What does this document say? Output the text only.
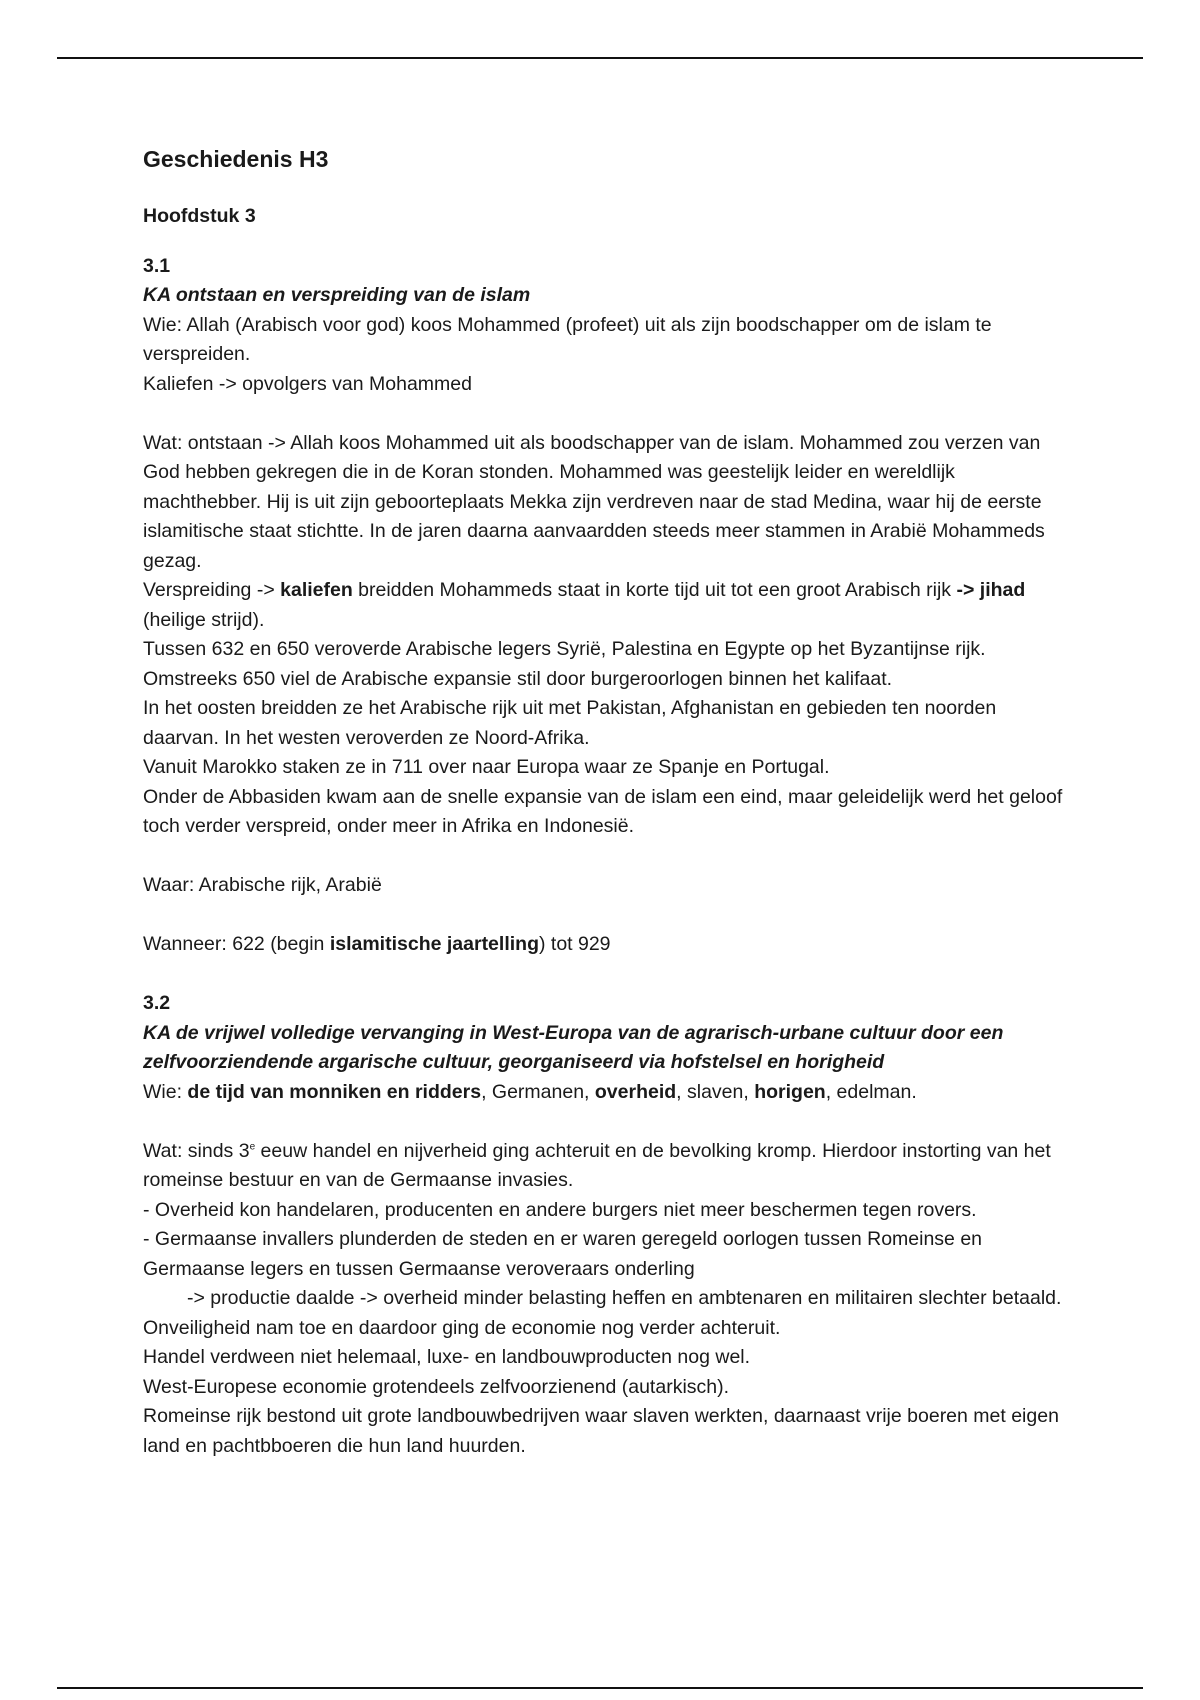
Geschiedenis H3
Hoofdstuk 3

3.1

KA ontstaan en verspreiding van de islam

Wie: Allah (Arabisch voor god) koos Mohammed (profeet) uit als zijn boodschapper om de islam te verspreiden.

Kaliefen -> opvolgers van Mohammed

Wat: ontstaan -> Allah koos Mohammed uit als boodschapper van de islam. Mohammed zou verzen van God hebben gekregen die in de Koran stonden. Mohammed was geestelijk leider en wereldlijk machthebber. Hij is uit zijn geboorteplaats Mekka zijn verdreven naar de stad Medina, waar hij de eerste islamitische staat stichtte. In de jaren daarna aanvaardden steeds meer stammen in Arabië Mohammeds gezag.

Verspreiding -> kaliefen breidden Mohammeds staat in korte tijd uit tot een groot Arabisch rijk -> jihad (heilige strijd).

Tussen 632 en 650 veroverde Arabische legers Syrië, Palestina en Egypte op het Byzantijnse rijk. Omstreeks 650 viel de Arabische expansie stil door burgeroorlogen binnen het kalifaat.

In het oosten breidden ze het Arabische rijk uit met Pakistan, Afghanistan en gebieden ten noorden daarvan. In het westen veroverden ze Noord-Afrika.

Vanuit Marokko staken ze in 711 over naar Europa waar ze Spanje en Portugal.

Onder de Abbasiden kwam aan de snelle expansie van de islam een eind, maar geleidelijk werd het geloof toch verder verspreid, onder meer in Afrika en Indonesië.

Waar: Arabische rijk, Arabië

Wanneer: 622 (begin islamitische jaartelling) tot 929

3.2

KA de vrijwel volledige vervanging in West-Europa van de agrarisch-urbane cultuur door een zelfvoorziendende argarische cultuur, georganiseerd via hofstelsel en horigheid

Wie: de tijd van monniken en ridders, Germanen, overheid, slaven, horigen, edelman.

Wat: sinds 3e eeuw handel en nijverheid ging achteruit en de bevolking kromp. Hierdoor instorting van het romeinse bestuur en van de Germaanse invasies.

- Overheid kon handelaren, producenten en andere burgers niet meer beschermen tegen rovers.

- Germaanse invallers plunderden de steden en er waren geregeld oorlogen tussen Romeinse en Germaanse legers en tussen Germaanse veroveraars onderling

-> productie daalde -> overheid minder belasting heffen en ambtenaren en militairen slechter betaald.

Onveiligheid nam toe en daardoor ging de economie nog verder achteruit.

Handel verdween niet helemaal, luxe- en landbouwproducten nog wel.

West-Europese economie grotendeels zelfvoorzienend (autarkisch).

Romeinse rijk bestond uit grote landbouwbedrijven waar slaven werkten, daarnaast vrije boeren met eigen land en pachtbboeren die hun land huurden.
